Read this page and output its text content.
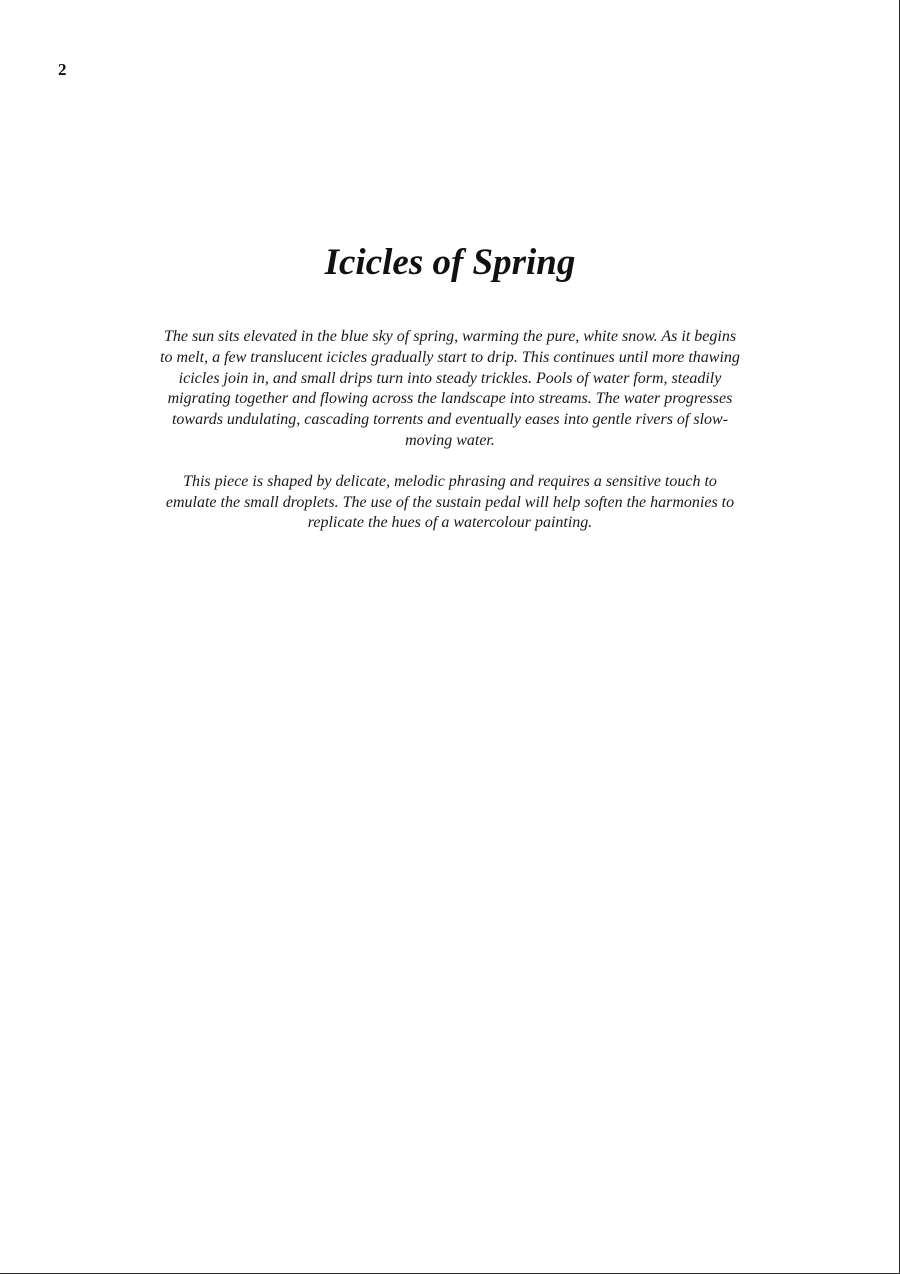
2
Icicles of Spring

The sun sits elevated in the blue sky of spring, warming the pure, white snow. As it begins to melt, a few translucent icicles gradually start to drip. This continues until more thawing icicles join in, and small drips turn into steady trickles. Pools of water form, steadily migrating together and flowing across the landscape into streams. The water progresses towards undulating, cascading torrents and eventually eases into gentle rivers of slow-moving water.

This piece is shaped by delicate, melodic phrasing and requires a sensitive touch to emulate the small droplets. The use of the sustain pedal will help soften the harmonies to replicate the hues of a watercolour painting.
